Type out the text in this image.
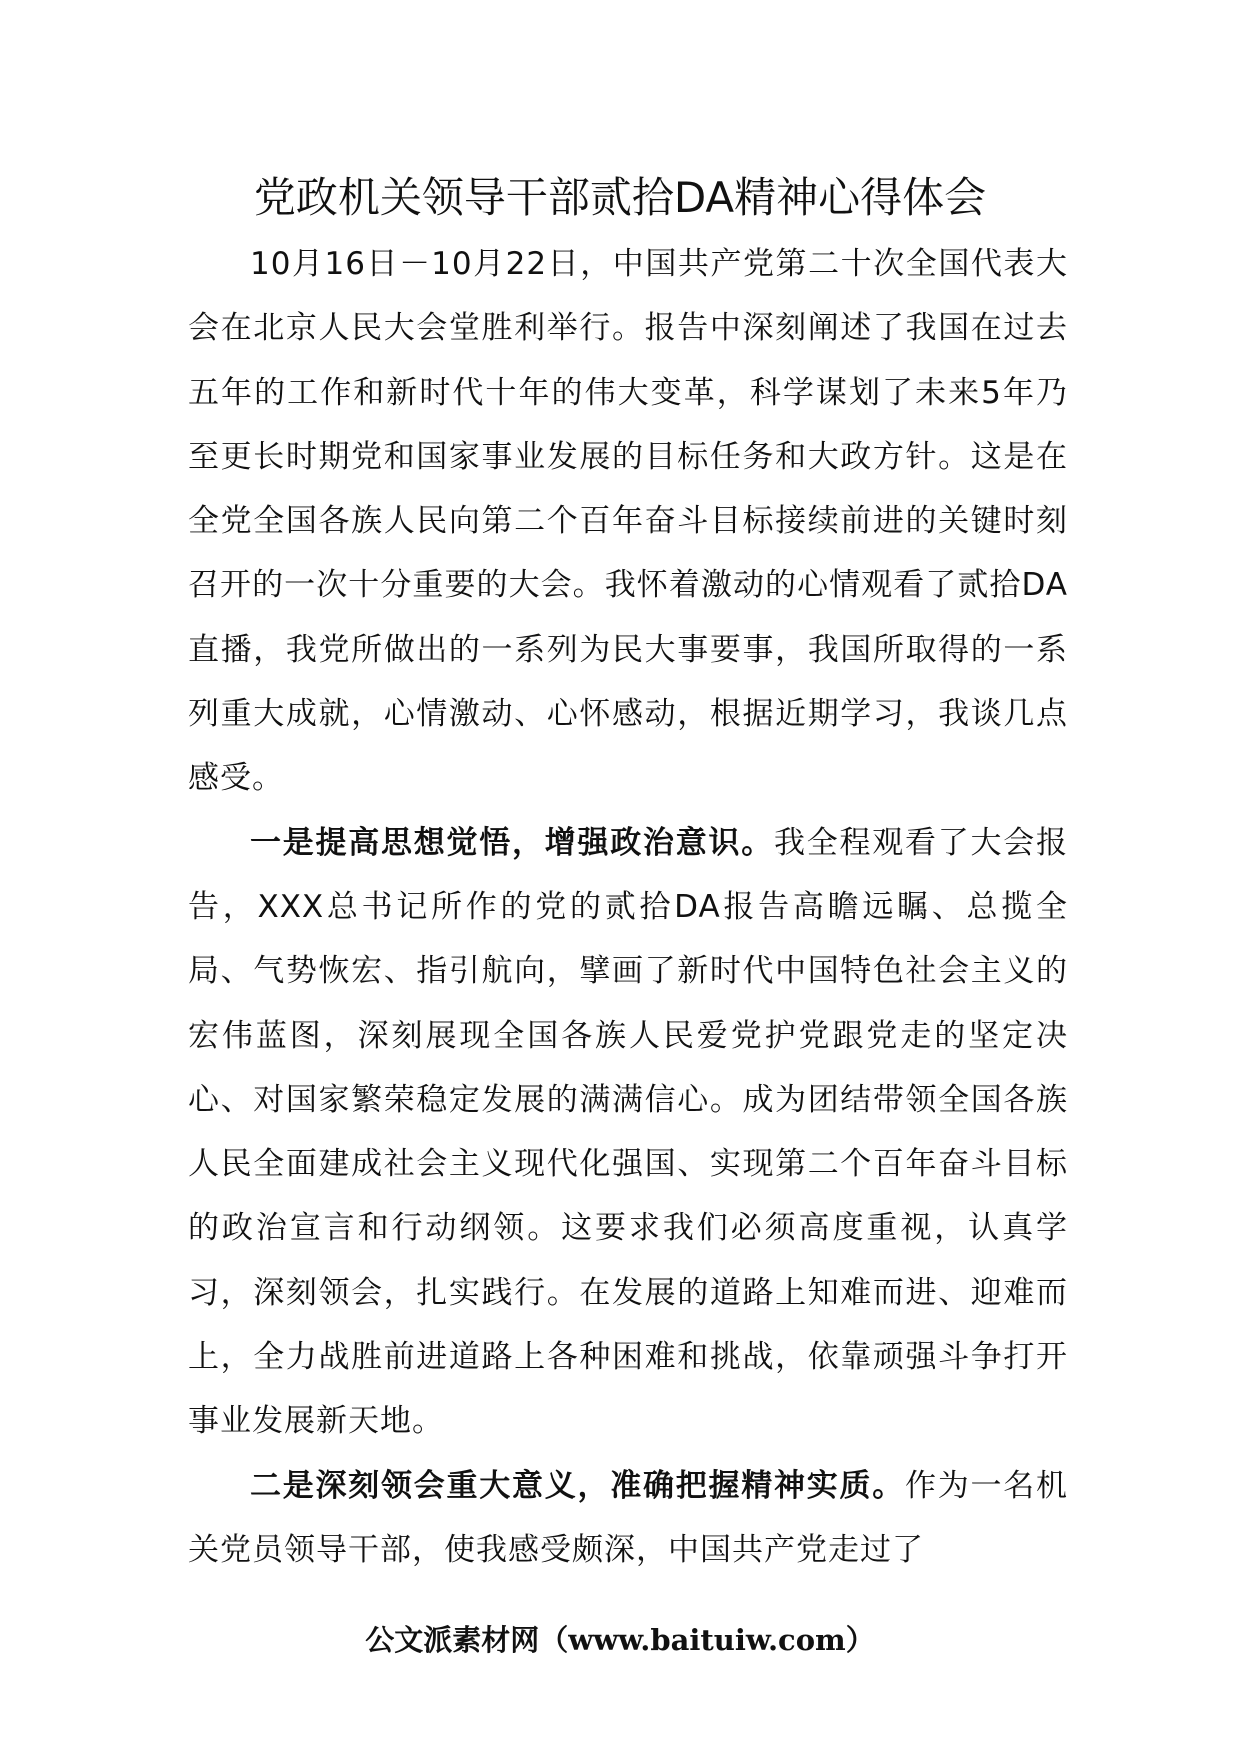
党政机关领导干部贰拾DA精神心得体会

10月16日－10月22日，中国共产党第二十次全国代表大会在北京人民大会堂胜利举行。报告中深刻阐述了我国在过去五年的工作和新时代十年的伟大变革，科学谋划了未来5年乃至更长时期党和国家事业发展的目标任务和大政方针。这是在全党全国各族人民向第二个百年奋斗目标接续前进的关键时刻召开的一次十分重要的大会。我怀着激动的心情观看了贰拾DA直播，我党所做出的一系列为民大事要事，我国所取得的一系列重大成就，心情激动、心怀感动，根据近期学习，我谈几点感受。

一是提高思想觉悟，增强政治意识。我全程观看了大会报告，XXX总书记所作的党的贰拾DA报告高瞻远瞩、总揽全局、气势恢宏、指引航向，擘画了新时代中国特色社会主义的宏伟蓝图，深刻展现全国各族人民爱党护党跟党走的坚定决心、对国家繁荣稳定发展的满满信心。成为团结带领全国各族人民全面建成社会主义现代化强国、实现第二个百年奋斗目标的政治宣言和行动纲领。这要求我们必须高度重视，认真学习，深刻领会，扎实践行。在发展的道路上知难而进、迎难而上，全力战胜前进道路上各种困难和挑战，依靠顽强斗争打开事业发展新天地。

二是深刻领会重大意义，准确把握精神实质。作为一名机关党员领导干部，使我感受颇深，中国共产党走过了

公文派素材网（www.baituiw.com）
